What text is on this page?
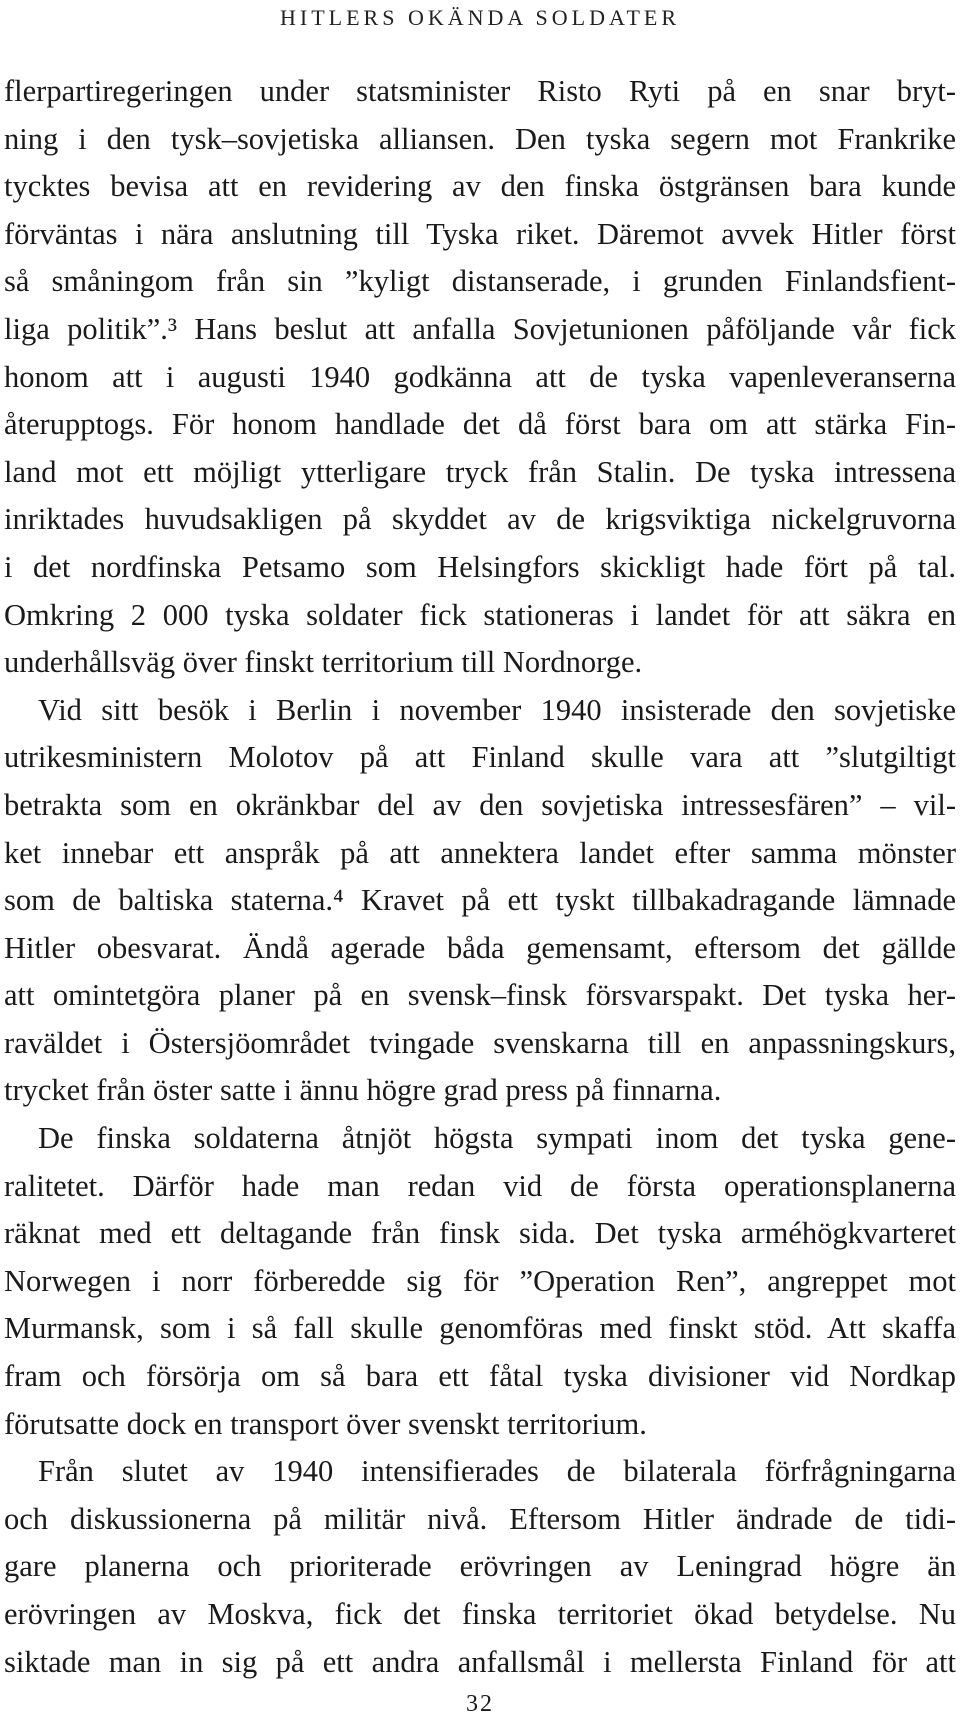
HITLERS OKÄNDA SOLDATER
flerpartiregeringen under statsminister Risto Ryti på en snar bryt-
ning i den tysk–sovjetiska alliansen. Den tyska segern mot Frankrike
tycktes bevisa att en revidering av den finska östgränsen bara kunde
förväntas i nära anslutning till Tyska riket. Däremot avvek Hitler först
så småningom från sin ”kyligt distanserade, i grunden Finlandsfient-
liga politik”.³ Hans beslut att anfalla Sovjetunionen påföljande vår fick
honom att i augusti 1940 godkänna att de tyska vapenleveranserna
återupptogs. För honom handlade det då först bara om att stärka Fin-
land mot ett möjligt ytterligare tryck från Stalin. De tyska intressena
inriktades huvudsakligen på skyddet av de krigsviktiga nickelgruvorna
i det nordfinska Petsamo som Helsingfors skickligt hade fört på tal.
Omkring 2 000 tyska soldater fick stationeras i landet för att säkra en
underhållsväg över finskt territorium till Nordnorge.
Vid sitt besök i Berlin i november 1940 insisterade den sovjetiske
utrikesministern Molotov på att Finland skulle vara att ”slutgiltigt
betrakta som en okränkbar del av den sovjetiska intressesfären” – vil-
ket innebar ett anspråk på att annektera landet efter samma mönster
som de baltiska staterna.⁴ Kravet på ett tyskt tillbakadragande lämnade
Hitler obesvarat. Ändå agerade båda gemensamt, eftersom det gällde
att omintetgöra planer på en svensk–finsk försvarspakt. Det tyska her-
raväldet i Östersjöområdet tvingade svenskarna till en anpassningskurs,
trycket från öster satte i ännu högre grad press på finnarna.
De finska soldaterna åtnjöt högsta sympati inom det tyska gene-
ralitetet. Därför hade man redan vid de första operationsplanerna
räknat med ett deltagande från finsk sida. Det tyska arméhögkvarteret
Norwegen i norr förberedde sig för ”Operation Ren”, angreppet mot
Murmansk, som i så fall skulle genomföras med finskt stöd. Att skaffa
fram och försörja om så bara ett fåtal tyska divisioner vid Nordkap
förutsatte dock en transport över svenskt territorium.
Från slutet av 1940 intensifierades de bilaterala förfrågningarna
och diskussionerna på militär nivå. Eftersom Hitler ändrade de tidi-
gare planerna och prioriterade erövringen av Leningrad högre än
erövringen av Moskva, fick det finska territoriet ökad betydelse. Nu
siktade man in sig på ett andra anfallsmål i mellersta Finland för att
32
